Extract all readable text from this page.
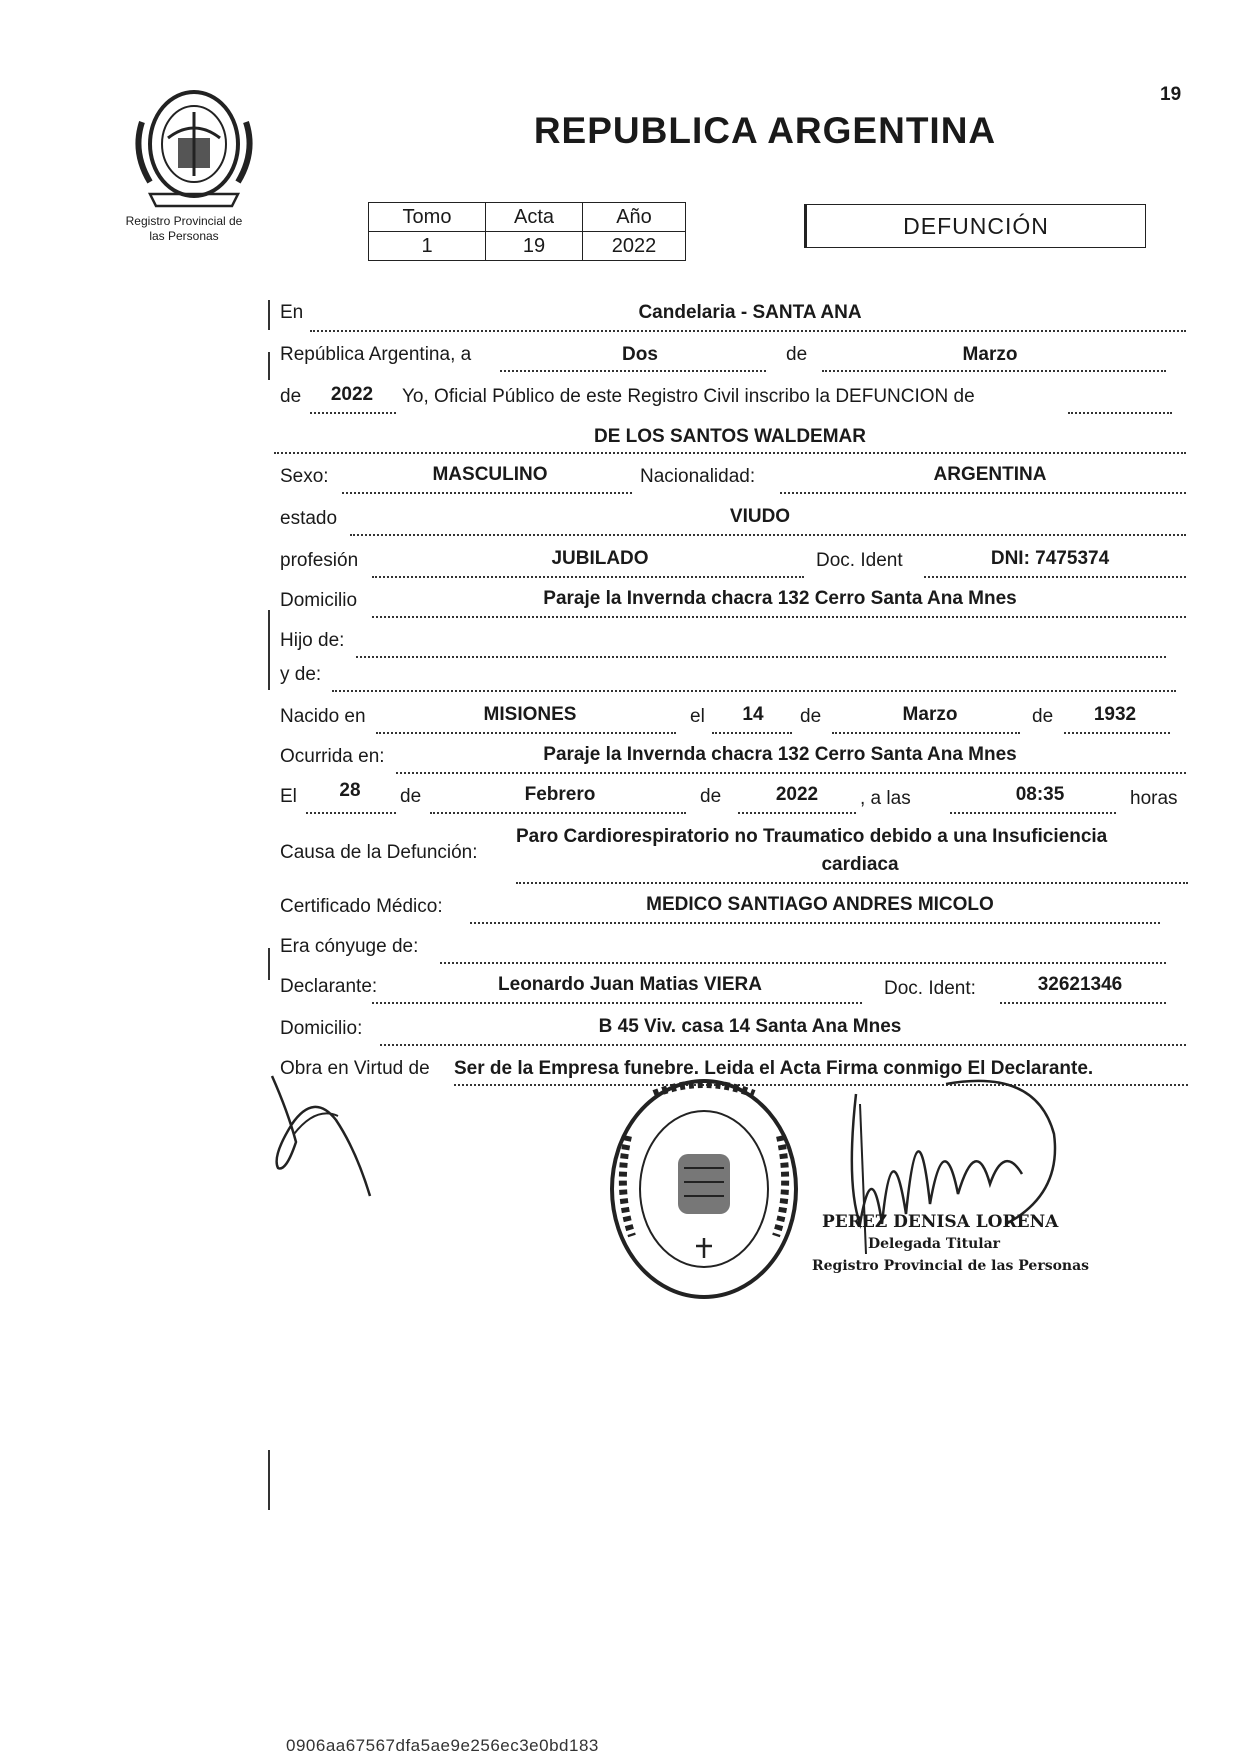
19
Registro Provincial de
las Personas
REPUBLICA ARGENTINA
Tomo	Acta	Año
1	19	2022
DEFUNCIÓN
En	Candelaria - SANTA ANA
República Argentina, a	Dos	de	Marzo
de	2022	Yo, Oficial Público de este Registro Civil inscribo la DEFUNCION de
DE LOS SANTOS WALDEMAR
Sexo:	MASCULINO	Nacionalidad:	ARGENTINA
estado	VIUDO
profesión	JUBILADO	Doc. Ident	DNI: 7475374
Domicilio	Paraje la Invernda chacra 132 Cerro Santa Ana Mnes
Hijo de:
y de:
Nacido en	MISIONES	el	14	de	Marzo	de	1932
Ocurrida en:	Paraje la Invernda chacra 132 Cerro Santa Ana Mnes
El	28	de	Febrero	de	2022	, a las	08:35	horas
Causa de la Defunción:
Paro Cardiorespiratorio no Traumatico debido a una Insuficiencia
cardiaca
Certificado Médico:	MEDICO SANTIAGO ANDRES MICOLO
Era cónyuge de:
Declarante:	Leonardo Juan Matias VIERA	Doc. Ident:	32621346
Domicilio:	B 45 Viv. casa 14 Santa Ana Mnes
Obra en Virtud de Ser de la Empresa funebre. Leida el Acta Firma conmigo El Declarante.
PEREZ DENISA LORENA
Delegada Titular
Registro Provincial de las Personas
0906aa67567dfa5ae9e256ec3e0bd183
